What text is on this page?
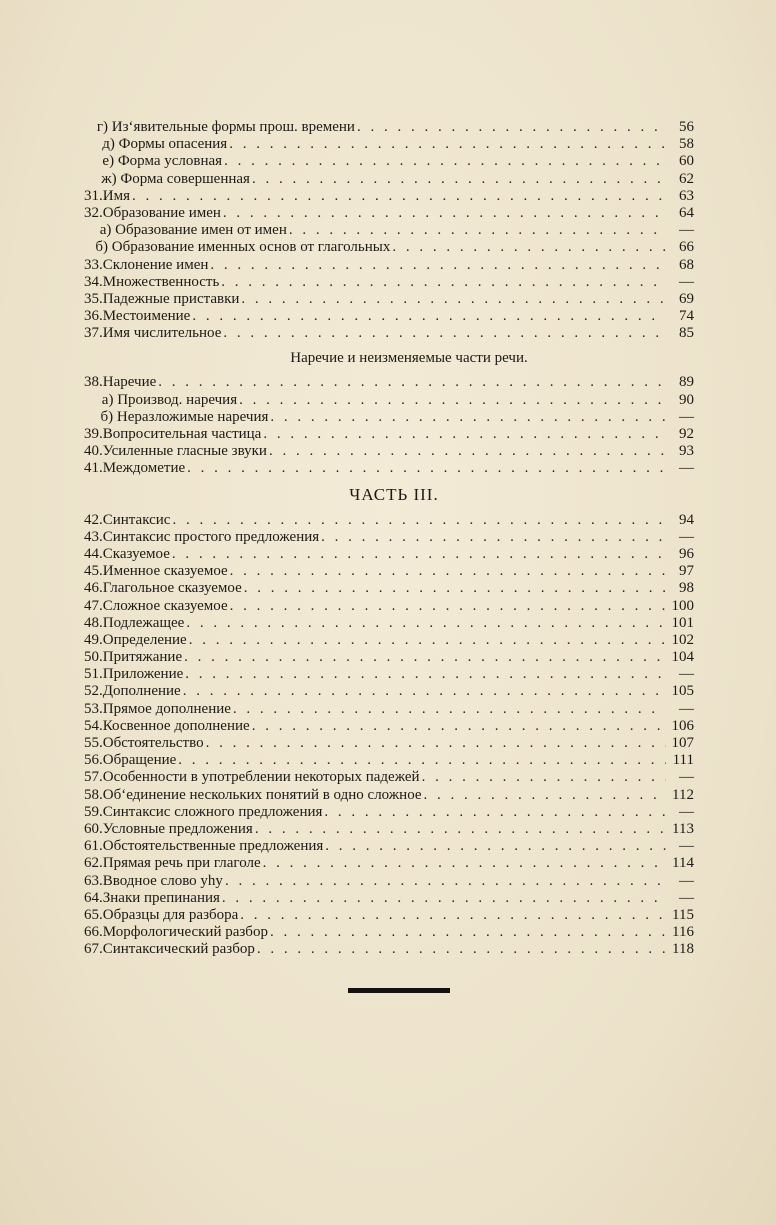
г) Из‘явительные формы прош. времени . . .	56
д) Формы опасения . . .	58
е) Форма условная . . .	60
ж) Форма совершенная . . .	62
31. Имя . . .	63
32. Образование имен . . .	64
а) Образование имен от имен . . .	—
б) Образование именных основ от глагольных . . .	66
33. Склонение имен . . .	68
34. Множественность . . .	—
35. Падежные приставки . . .	69
36. Местоимение . . .	74
37. Имя числительное . . .	85
Наречие и неизменяемые части речи.
38. Наречие . . .	89
а) Производ. наречия . . .	90
б) Неразложимые наречия . . .	—
39. Вопросительная частица . . .	92
40. Усиленные гласные звуки . . .	93
41. Междометие . . .	—
ЧАСТЬ III.
42. Синтаксис . . .	94
43. Синтаксис простого предложения . . .	—
44. Сказуемое . . .	96
45. Именное сказуемое . . .	97
46. Глагольное сказуемое . . .	98
47. Сложное сказуемое . . .	100
48. Подлежащее . . .	101
49. Определение . . .	102
50. Притяжание . . .	104
51. Приложение . . .	—
52. Дополнение . . .	105
53. Прямое дополнение . . .	—
54. Косвенное дополнение . . .	106
55. Обстоятельство . . .	107
56. Обращение . . .	111
57. Особенности в употреблении некоторых падежей . . .	—
58. Об‘единение нескольких понятий в одно сложное . . .	112
59. Синтаксис сложного предложения . . .	—
60. Условные предложения . . .	113
61. Обстоятельственные предложения . . .	—
62. Прямая речь при глаголе . . .	114
63. Вводное слово уһу . . .	—
64. Знаки препинания . . .	—
65. Образцы для разбора . . .	115
66. Морфологический разбор . . .	116
67. Синтаксический разбор . . .	118
